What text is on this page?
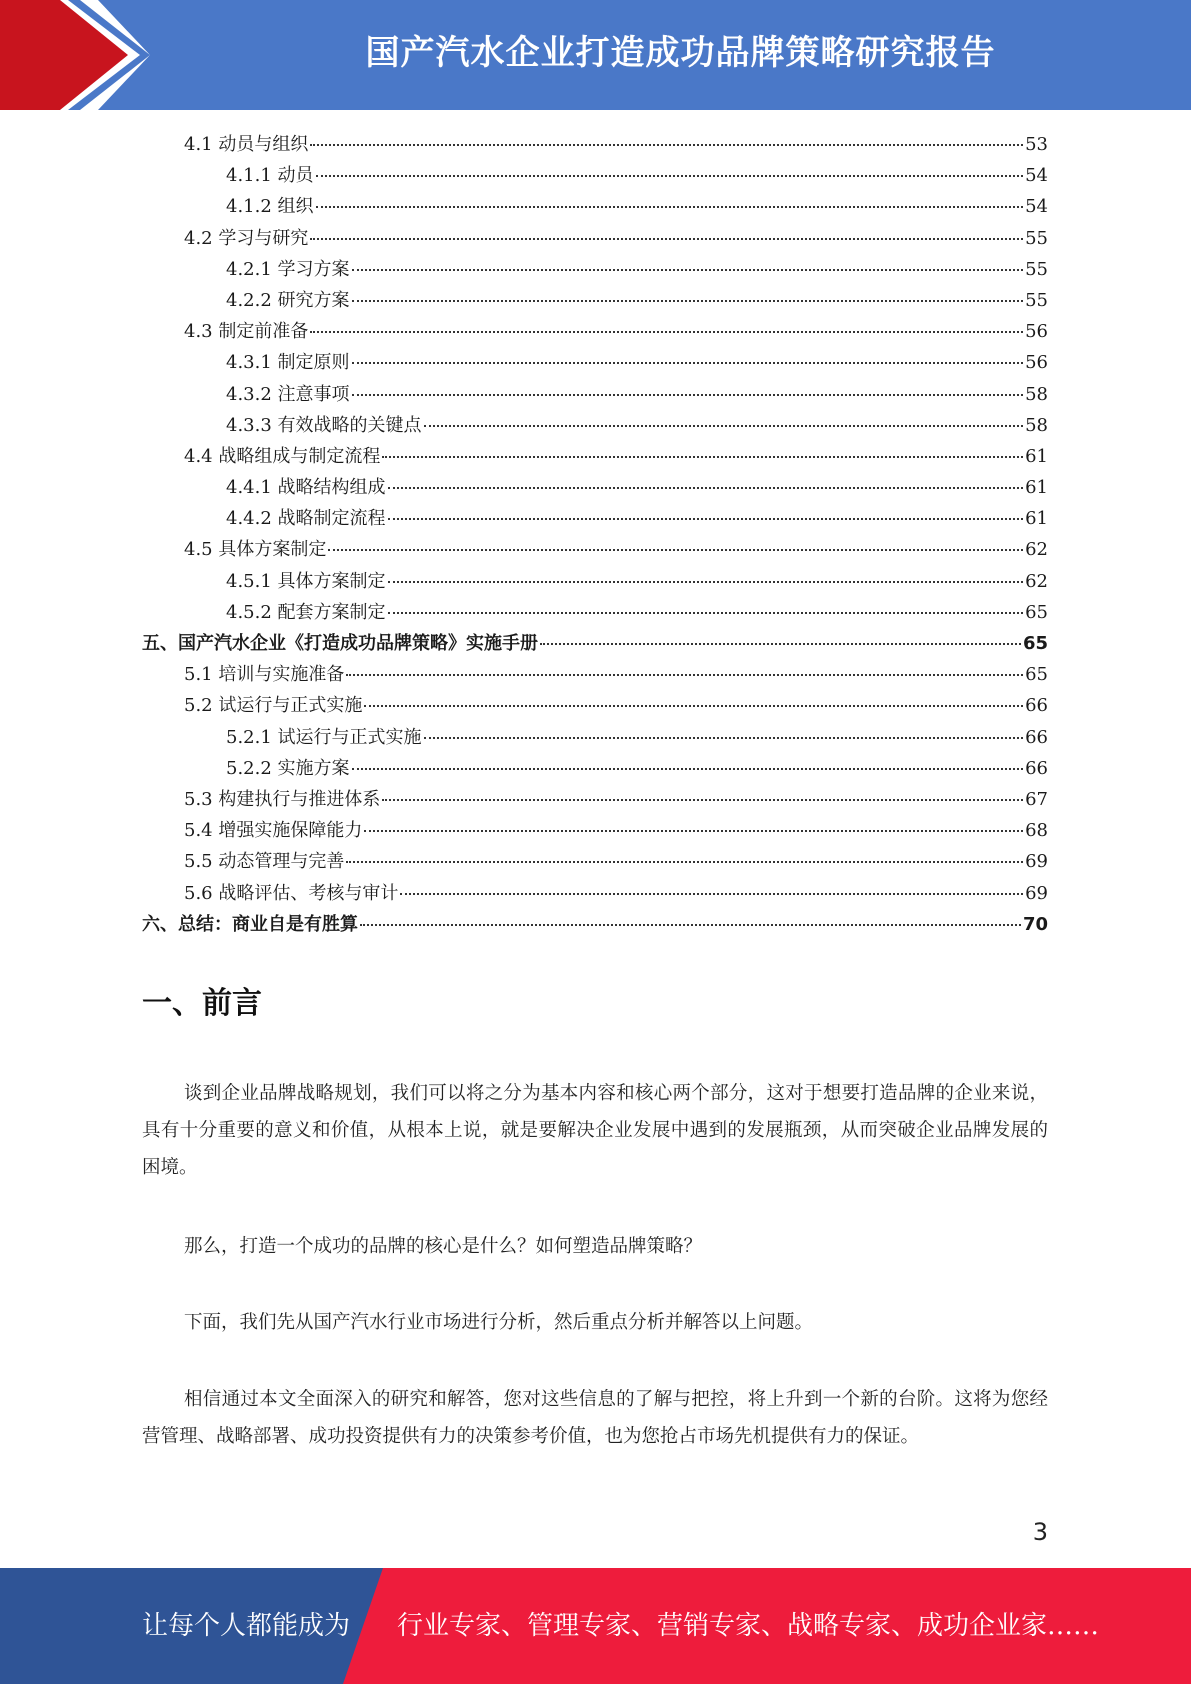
国产汽水企业打造成功品牌策略研究报告
4.1 动员与组织	53
4.1.1 动员	54
4.1.2 组织	54
4.2 学习与研究	55
4.2.1 学习方案	55
4.2.2 研究方案	55
4.3 制定前准备	56
4.3.1 制定原则	56
4.3.2 注意事项	58
4.3.3 有效战略的关键点	58
4.4 战略组成与制定流程	61
4.4.1 战略结构组成	61
4.4.2 战略制定流程	61
4.5 具体方案制定	62
4.5.1 具体方案制定	62
4.5.2 配套方案制定	65
五、国产汽水企业《打造成功品牌策略》实施手册	65
5.1 培训与实施准备	65
5.2 试运行与正式实施	66
5.2.1 试运行与正式实施	66
5.2.2 实施方案	66
5.3 构建执行与推进体系	67
5.4 增强实施保障能力	68
5.5 动态管理与完善	69
5.6 战略评估、考核与审计	69
六、总结：商业自是有胜算	70
一、前言
谈到企业品牌战略规划，我们可以将之分为基本内容和核心两个部分，这对于想要打造品牌的企业来说，具有十分重要的意义和价值，从根本上说，就是要解决企业发展中遇到的发展瓶颈，从而突破企业品牌发展的困境。
那么，打造一个成功的品牌的核心是什么？如何塑造品牌策略？
下面，我们先从国产汽水行业市场进行分析，然后重点分析并解答以上问题。
相信通过本文全面深入的研究和解答，您对这些信息的了解与把控，将上升到一个新的台阶。这将为您经营管理、战略部署、成功投资提供有力的决策参考价值，也为您抢占市场先机提供有力的保证。
3
让每个人都能成为 行业专家、管理专家、营销专家、战略专家、成功企业家……
